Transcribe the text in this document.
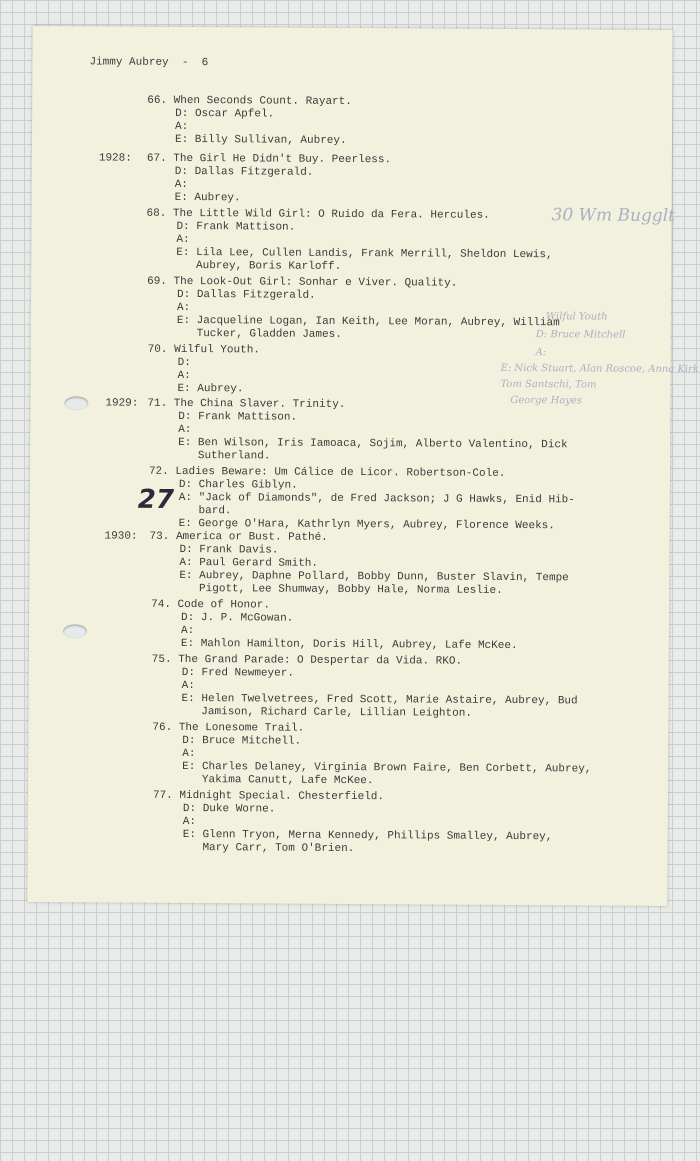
Jimmy Aubrey  -  6

1928:

1929:

1930:

66. When Seconds Count. Rayart.

D: Oscar Apfel.

A:

E: Billy Sullivan, Aubrey.

67. The Girl He Didn't Buy. Peerless.

D: Dallas Fitzgerald.

A:

E: Aubrey.

68. The Little Wild Girl: O Ruido da Fera. Hercules.

D: Frank Mattison.

A:

E: Lila Lee, Cullen Landis, Frank Merrill, Sheldon Lewis,

Aubrey, Boris Karloff.

69. The Look-Out Girl: Sonhar e Viver. Quality.

D: Dallas Fitzgerald.

A:

E: Jacqueline Logan, Ian Keith, Lee Moran, Aubrey, William

Tucker, Gladden James.

70. Wilful Youth.

D:

A:

E: Aubrey.

71. The China Slaver. Trinity.

D: Frank Mattison.

A:

E: Ben Wilson, Iris Iamoaca, Sojim, Alberto Valentino, Dick

Sutherland.

72. Ladies Beware: Um Cálice de Licor. Robertson-Cole.

D: Charles Giblyn.

A: "Jack of Diamonds", de Fred Jackson; J G Hawks, Enid Hib-

bard.

E: George O'Hara, Kathrlyn Myers, Aubrey, Florence Weeks.

73. America or Bust. Pathé.

D: Frank Davis.

A: Paul Gerard Smith.

E: Aubrey, Daphne Pollard, Bobby Dunn, Buster Slavin, Tempe

Pigott, Lee Shumway, Bobby Hale, Norma Leslie.

74. Code of Honor.

D: J. P. McGowan.

A:

E: Mahlon Hamilton, Doris Hill, Aubrey, Lafe McKee.

75. The Grand Parade: O Despertar da Vida. RKO.

D: Fred Newmeyer.

A:

E: Helen Twelvetrees, Fred Scott, Marie Astaire, Aubrey, Bud

Jamison, Richard Carle, Lillian Leighton.

76. The Lonesome Trail.

D: Bruce Mitchell.

A:

E: Charles Delaney, Virginia Brown Faire, Ben Corbett, Aubrey,

Yakima Canutt, Lafe McKee.

77. Midnight Special. Chesterfield.

D: Duke Worne.

A:

E: Glenn Tryon, Merna Kennedy, Phillips Smalley, Aubrey,

Mary Carr, Tom O'Brien.

30 Wm Bugglt
Wilful Youth
D: Bruce Mitchell
A:
E: Nick Stuart, Alan Roscoe, Anna Kirk
Tom Santschi, Tom
George Hayes
27
